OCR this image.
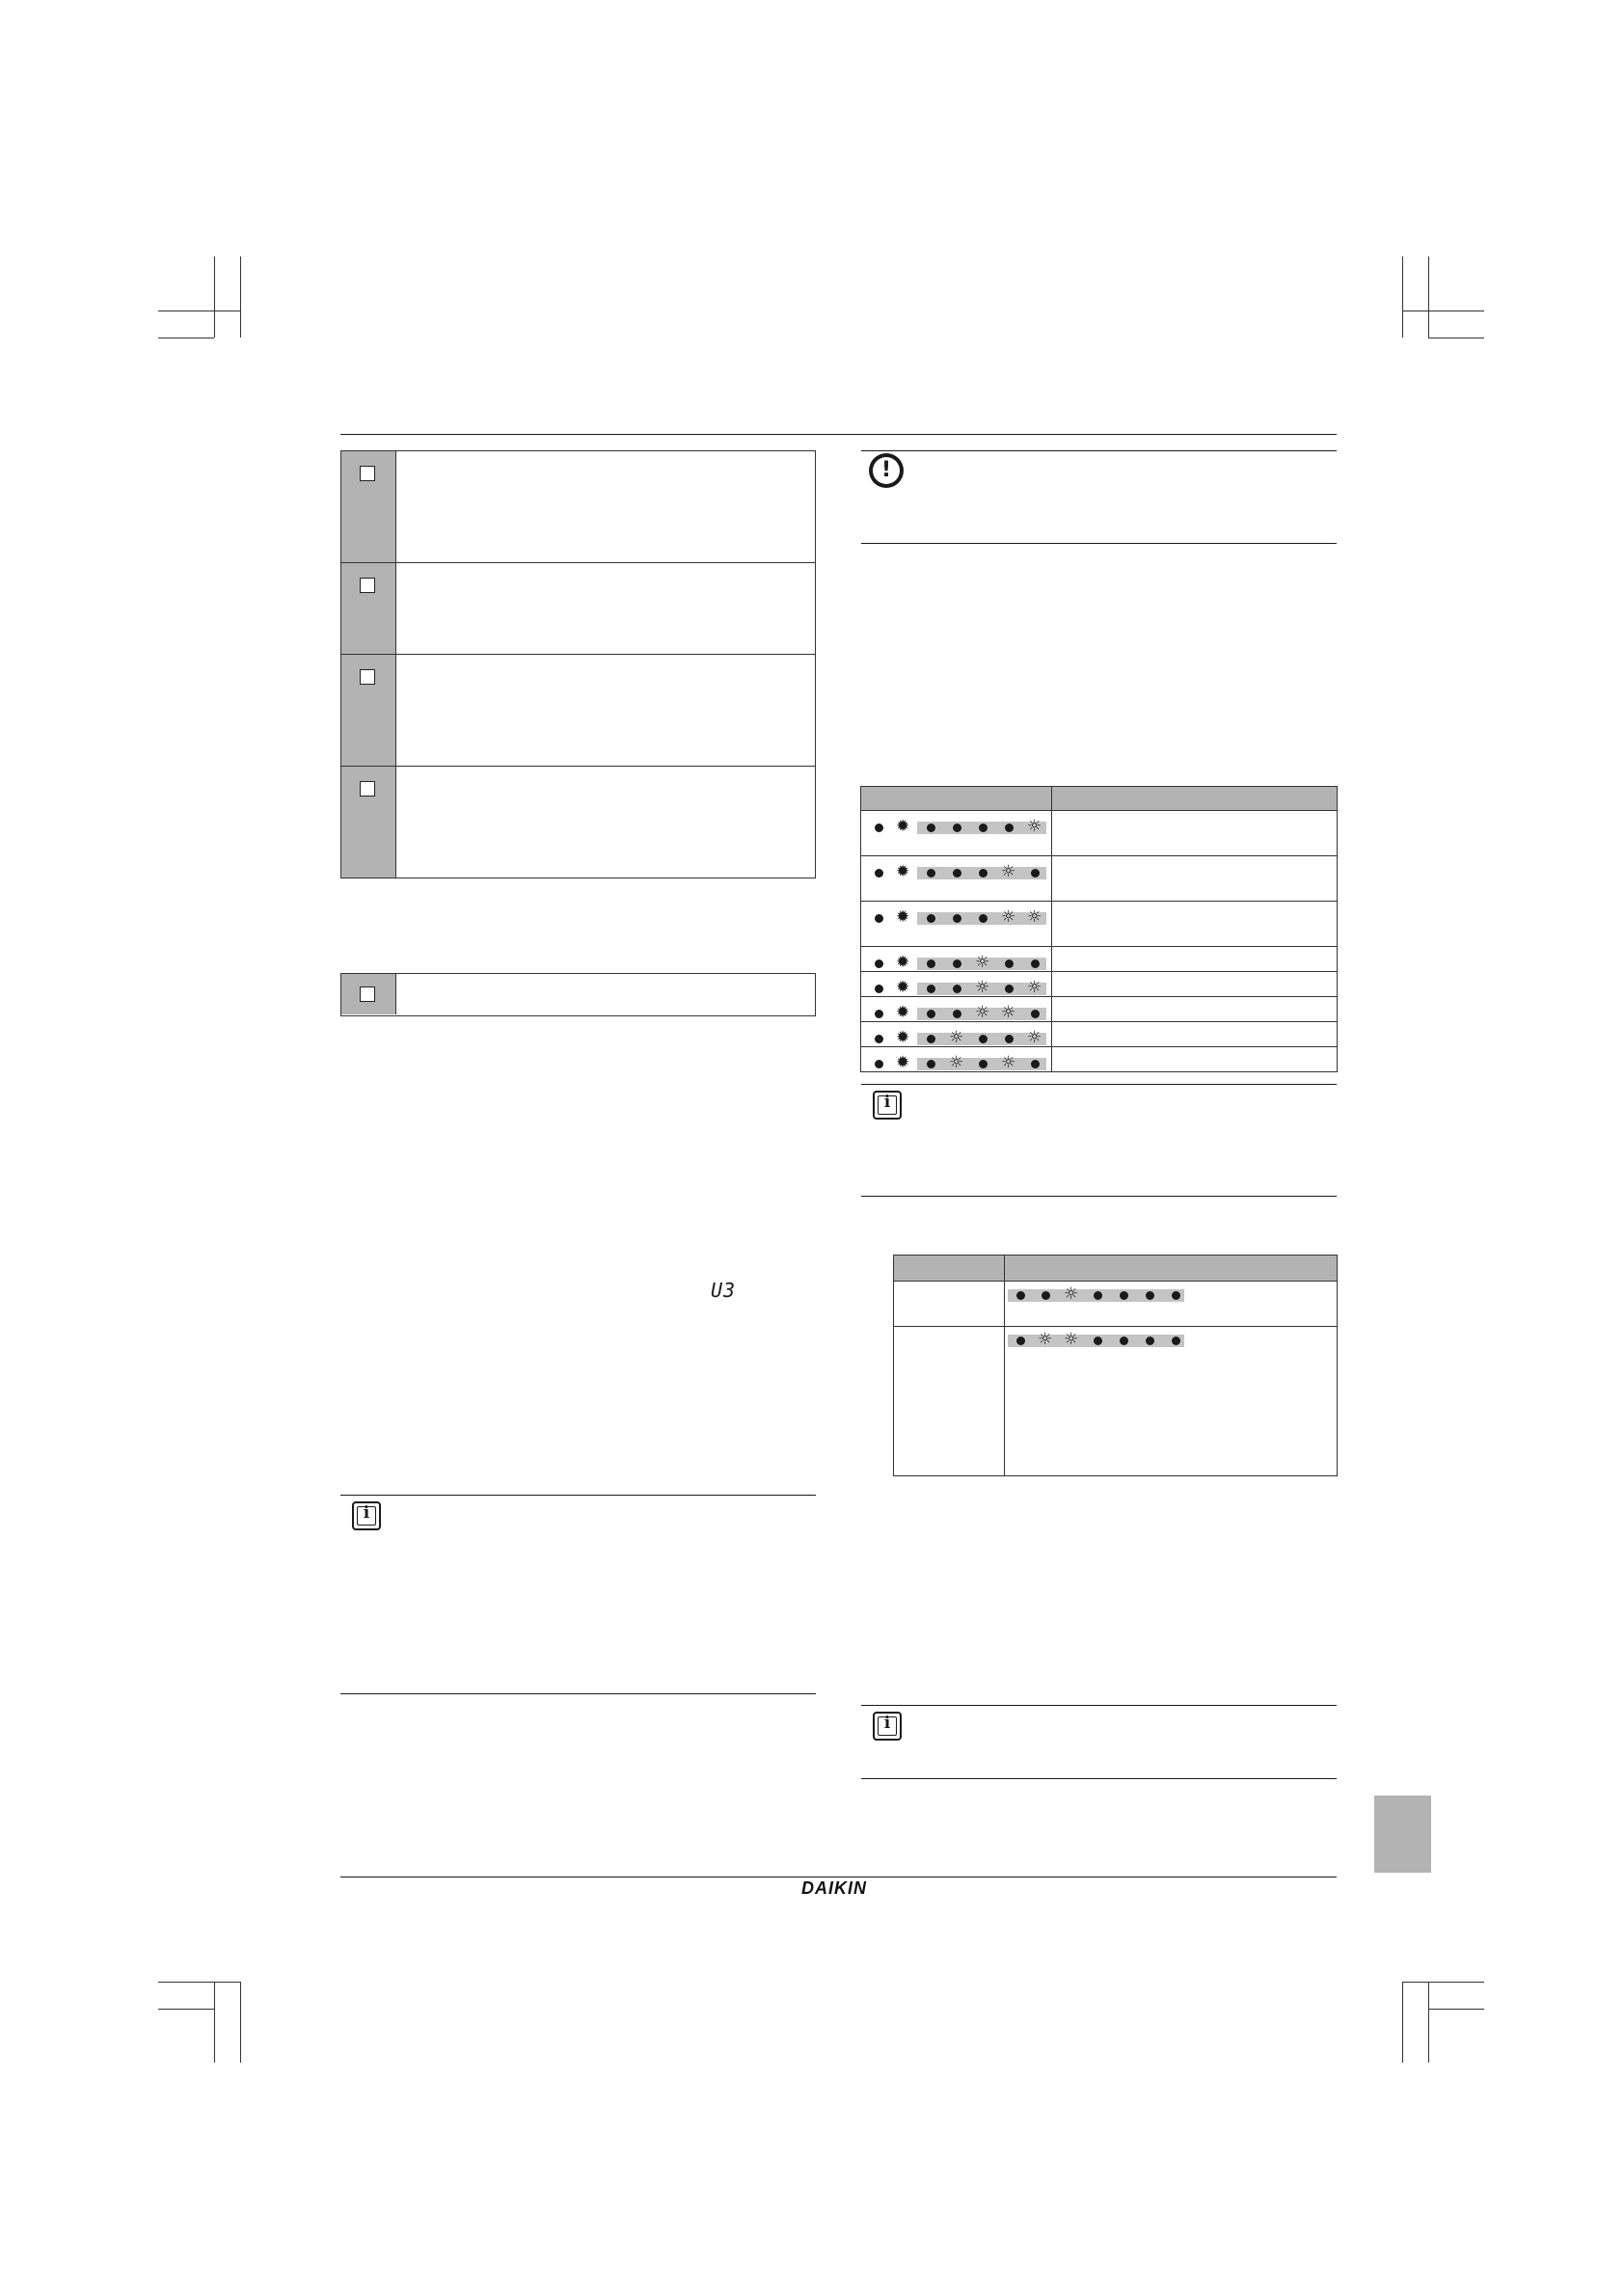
U3
i
!

✹ ☼	

✹ ☼	

✹ ☼ ☼	

✹ ☼	

✹ ☼ ☼	

✹ ☼ ☼	

✹ ☼ ☼	

✹ ☼ ☼	

i

	☼

	☼ ☼
i
DAIKIN
